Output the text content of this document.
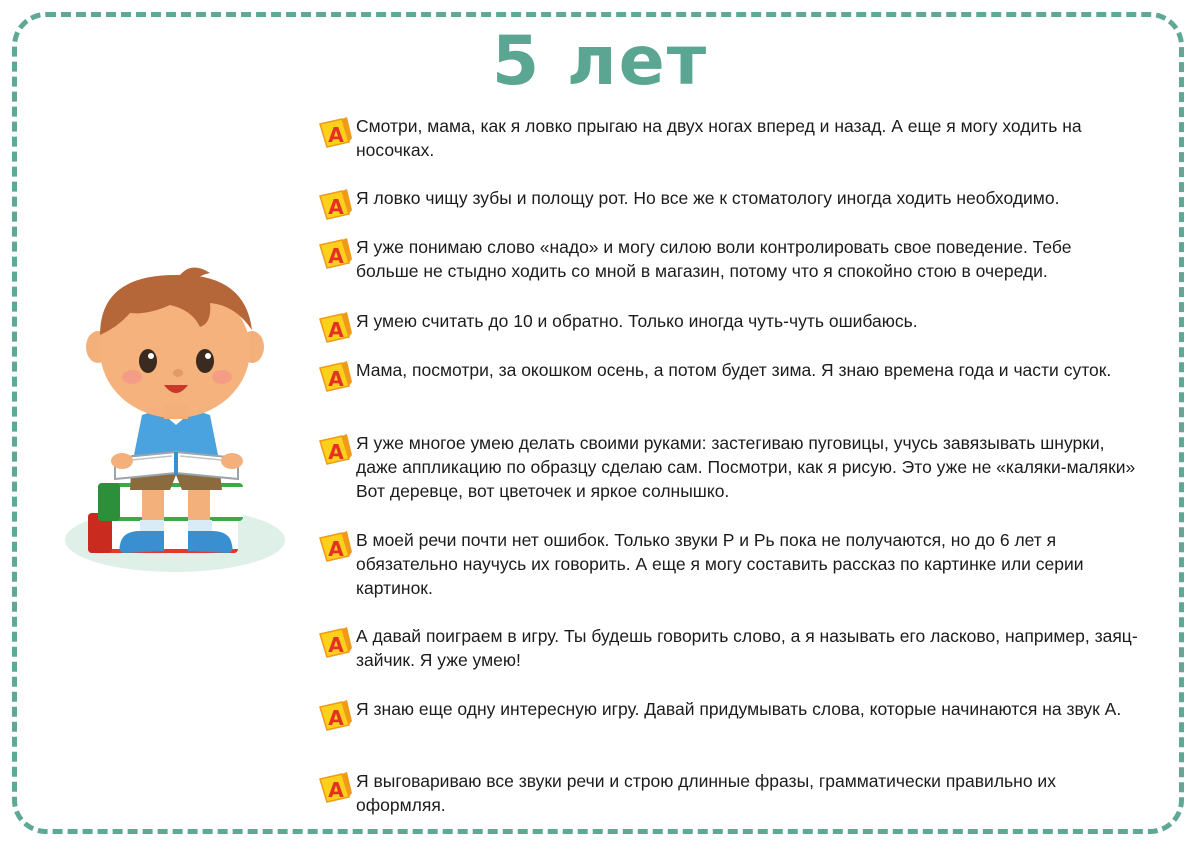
5 лет
A Смотри, мама, как я ловко прыгаю на двух ногах вперед и назад. А еще я могу ходить на носочках.
A Я ловко чищу зубы и полощу рот. Но все же к стоматологу иногда ходить необходимо.
A Я уже понимаю слово «надо» и могу силою воли контролировать свое поведение. Тебе больше не стыдно ходить со мной в магазин, потому что я спокойно стою в очереди.
A Я умею считать до 10 и обратно. Только иногда чуть-чуть ошибаюсь.
A Мама, посмотри, за окошком осень, а потом будет зима. Я знаю времена года и части суток.
A Я уже многое умею делать своими руками: застегиваю пуговицы, учусь завязывать шнурки, даже аппликацию по образцу сделаю сам. Посмотри, как я рисую. Это уже не «каляки-маляки» Вот деревце, вот цветочек и яркое солнышко.
A В моей речи почти нет ошибок. Только звуки Р и Рь пока не получаются, но до 6 лет я обязательно научусь их говорить. А еще я могу составить рассказ по картинке или серии картинок.
A А давай поиграем в игру. Ты будешь говорить слово, а я называть его ласково, например, заяц-зайчик. Я уже умею!
A Я знаю еще одну интересную игру. Давай придумывать слова, которые начинаются на звук А.
A Я выговариваю все звуки речи и строю длинные фразы, грамматически правильно их оформляя.
